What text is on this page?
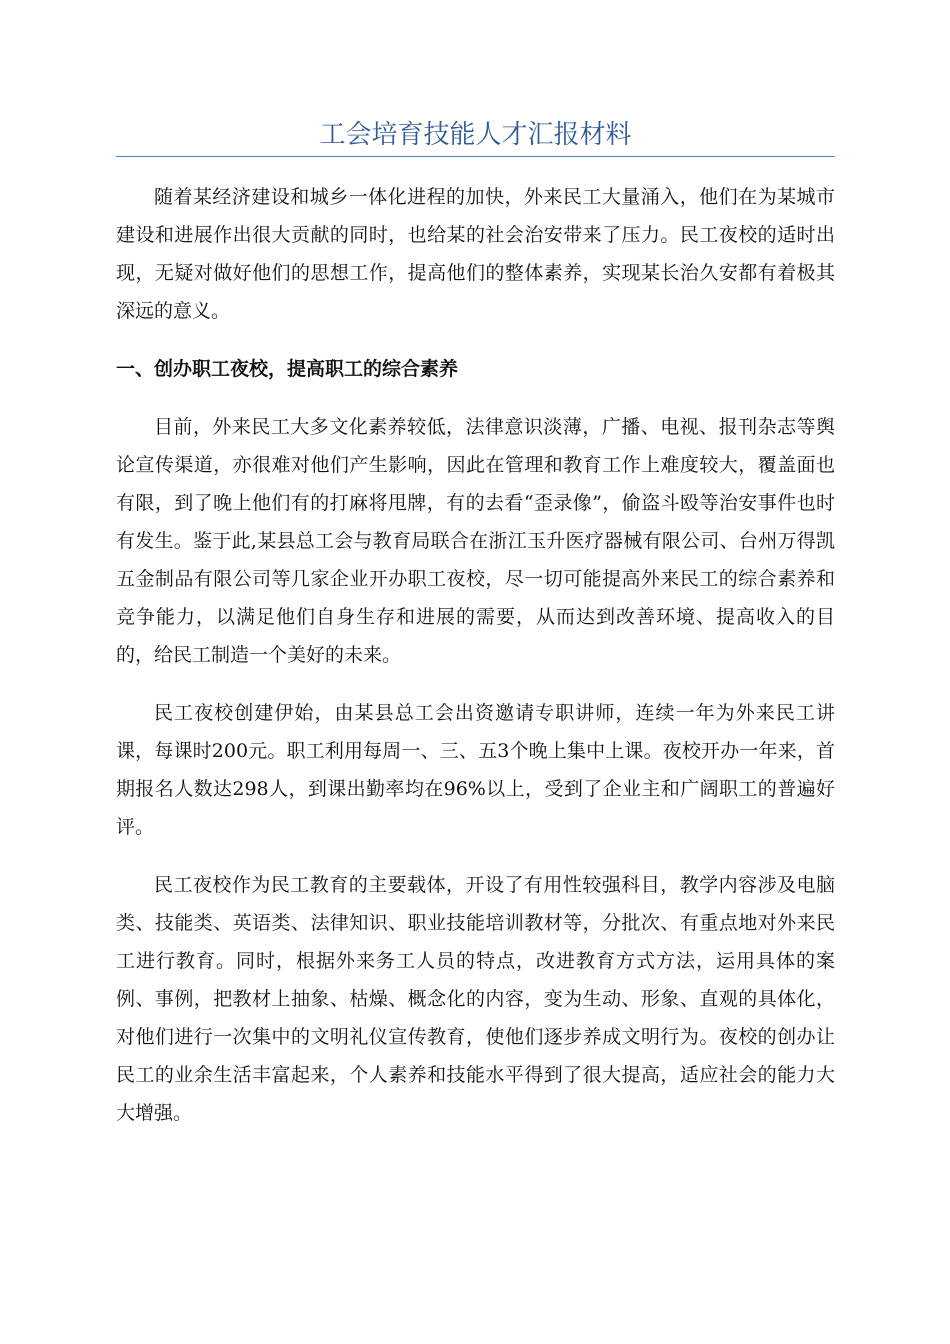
工会培育技能人才汇报材料

随着某经济建设和城乡一体化进程的加快，外来民工大量涌入，他们在为某城市建设和进展作出很大贡献的同时，也给某的社会治安带来了压力。民工夜校的适时出现，无疑对做好他们的思想工作，提高他们的整体素养，实现某长治久安都有着极其深远的意义。

一、创办职工夜校，提高职工的综合素养

目前，外来民工大多文化素养较低，法律意识淡薄，广播、电视、报刊杂志等舆论宣传渠道，亦很难对他们产生影响，因此在管理和教育工作上难度较大，覆盖面也有限，到了晚上他们有的打麻将甩牌，有的去看“歪录像”，偷盗斗殴等治安事件也时有发生。鉴于此,某县总工会与教育局联合在浙江玉升医疗器械有限公司、台州万得凯五金制品有限公司等几家企业开办职工夜校，尽一切可能提高外来民工的综合素养和竞争能力，以满足他们自身生存和进展的需要，从而达到改善环境、提高收入的目的，给民工制造一个美好的未来。

民工夜校创建伊始，由某县总工会出资邀请专职讲师，连续一年为外来民工讲课，每课时200元。职工利用每周一、三、五3个晚上集中上课。夜校开办一年来，首期报名人数达298人，到课出勤率均在96%以上，受到了企业主和广阔职工的普遍好评。

民工夜校作为民工教育的主要载体，开设了有用性较强科目，教学内容涉及电脑类、技能类、英语类、法律知识、职业技能培训教材等，分批次、有重点地对外来民工进行教育。同时，根据外来务工人员的特点，改进教育方式方法，运用具体的案例、事例，把教材上抽象、枯燥、概念化的内容，变为生动、形象、直观的具体化，对他们进行一次集中的文明礼仪宣传教育，使他们逐步养成文明行为。夜校的创办让民工的业余生活丰富起来，个人素养和技能水平得到了很大提高，适应社会的能力大大增强。
